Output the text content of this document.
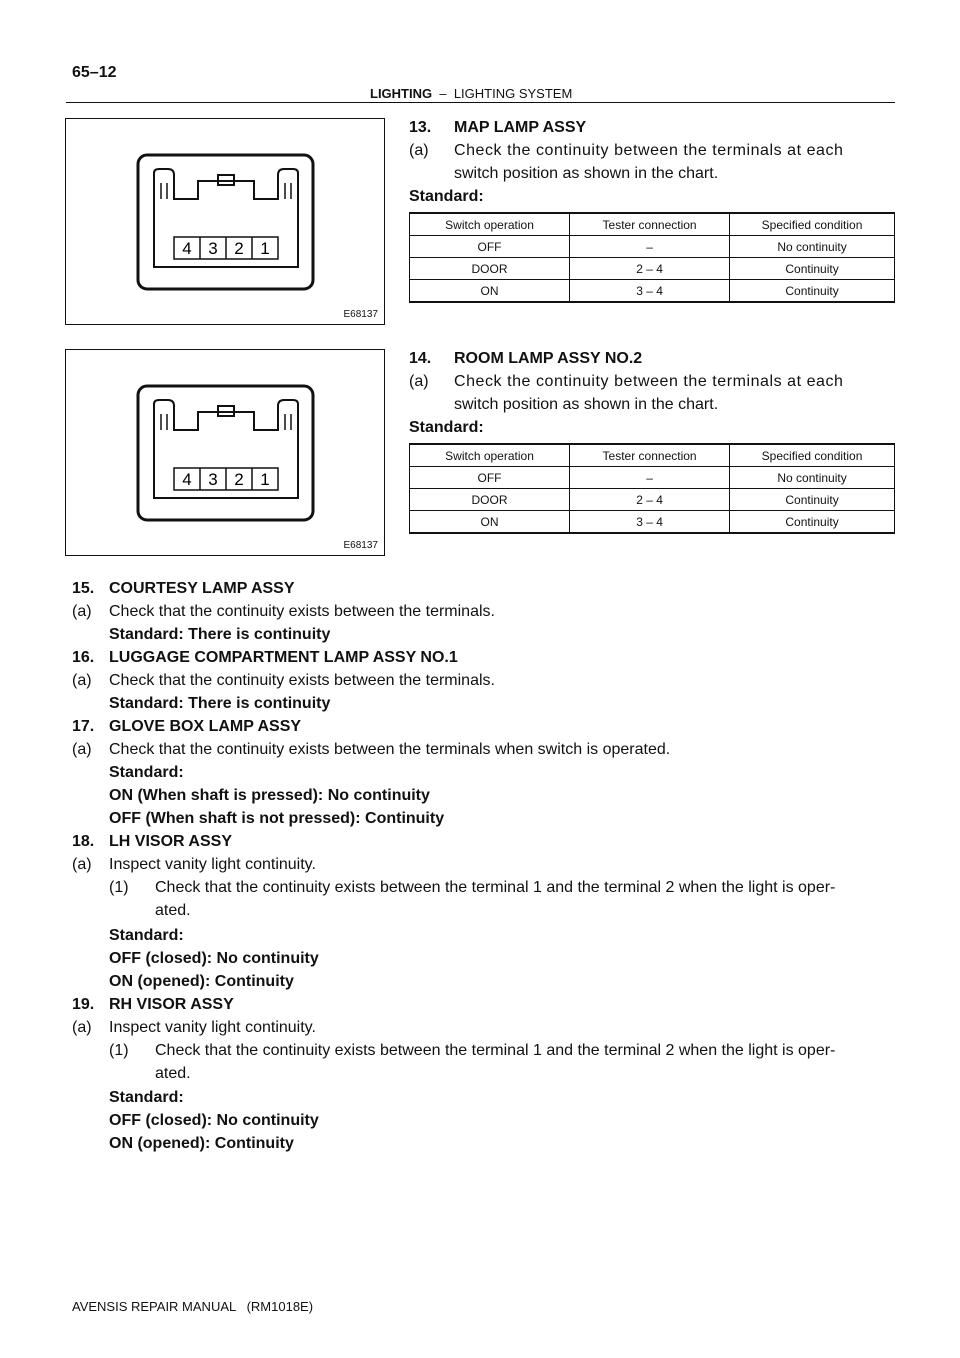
65–12
LIGHTING – LIGHTING SYSTEM
4 3 2 1
E68137
13. MAP LAMP ASSY
(a) Check the continuity between the terminals at each
switch position as shown in the chart.
Standard:
Switch operation	Tester connection	Specified condition
OFF	–	No continuity
DOOR	2 – 4	Continuity
ON	3 – 4	Continuity
4 3 2 1
E68137
14. ROOM LAMP ASSY NO.2
(a) Check the continuity between the terminals at each
switch position as shown in the chart.
Standard:
Switch operation	Tester connection	Specified condition
OFF	–	No continuity
DOOR	2 – 4	Continuity
ON	3 – 4	Continuity
15. COURTESY LAMP ASSY
(a) Check that the continuity exists between the terminals.
Standard: There is continuity
16. LUGGAGE COMPARTMENT LAMP ASSY NO.1
(a) Check that the continuity exists between the terminals.
Standard: There is continuity
17. GLOVE BOX LAMP ASSY
(a) Check that the continuity exists between the terminals when switch is operated.
Standard:
ON (When shaft is pressed): No continuity
OFF (When shaft is not pressed): Continuity
18. LH VISOR ASSY
(a) Inspect vanity light continuity.
(1) Check that the continuity exists between the terminal 1 and the terminal 2 when the light is oper-
ated.
Standard:
OFF (closed): No continuity
ON (opened): Continuity
19. RH VISOR ASSY
(a) Inspect vanity light continuity.
(1) Check that the continuity exists between the terminal 1 and the terminal 2 when the light is oper-
ated.
Standard:
OFF (closed): No continuity
ON (opened): Continuity
AVENSIS REPAIR MANUAL   (RM1018E)
